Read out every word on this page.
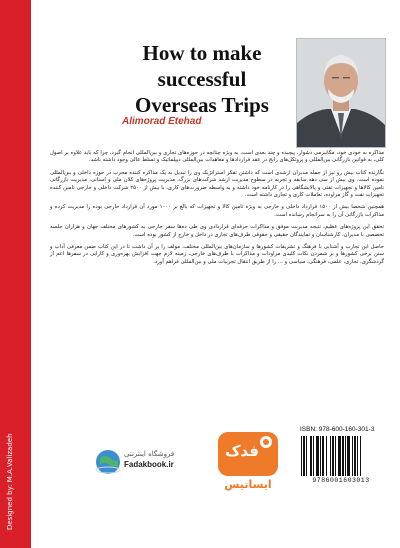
Designed by: M.A.Valizadeh
How to make
successful
Overseas Trips
Alimorad Etehad

مذاکره به خودی خود، مکانیزمی دشوار، پیچیده و چند بعدی است، به ویژه چنانچه در حوزه‌های تجاری و بین‌المللی انجام گیرد، چرا که باید علاوه بر اصول کلی، به قوانین بازرگانی بین‌المللی و پروتکل‌های رایج در عقد قراردادها و معاهدات بین‌المللی دیپلماتیک و تسلط عالی وجود داشته باشد.

نگارنده کتاب بیش رو نیز از جمله مدیران ارشدی است که داشتن تفکر استراتژیک وی را تبدیل به یک مذاکره کننده مجرب در حوزه داخلی و بین‌المللی نموده است. وی بیش از سی دهه سابقه و تجربه در سطوح مدیریت ارشد شرکت‌های بزرگ، مدیریت پروژه‌های کلان ملی و استانی، مدیریت بازرگانی تامین کالاها و تجهیزات نفتی و پالایشگاهی را در کارنامه خود داشته و به واسطه ضرورت‌های کاری، با بیش از ۲۵۰۰ شرکت داخلی و خارجی تامین کننده تجهیزات نفت و گاز مراوده، تعاملات کاری و تجاری داشته است.

همچنین شخصا بیش از ۱۵۰۰ قرارداد داخلی و خارجی به ویژه تامین کالا و تجهیزات که بالغ بر ۱۰۰۰ مورد آن قرارداد خارجی بوده را مدیریت کرده و مذاکرات بازرگانی آن را به سرانجام رسانده است.

تحقق این پروژه‌های عظیم، نتیجه مدیریت موفق و مذاکرات حرفه‌ای قراردادی وی طی ده‌ها سفر خارجی به کشورهای مختلف جهان و هزاران جلسه تخصصی با مدیران، کارشناسان و نمایندگان حقیقی و حقوقی طرف‌های تجاری در داخل و خارج از کشور بوده است.

حاصل این تجارب و آشنایی با فرهنگ و تشریفات کشورها و سازمان‌های بین‌المللی مختلف، مولف را بر آن داشت تا در این کتاب ضمن معرفی آداب و سنن برخی کشورها و بر شمردن نکات کلیدی مراودات و مذاکرات با طرف‌های خارجی، زمینه لازم جهت افزایش بهره‌وری و کارایی در سفرها اعم از گردشگری، تجاری، علمی، فرهنگی، سیاسی و ... را از طریق انتقال تجربیات ملی و بین‌المللی فراهم آورد.

فروشگاه اینترنتی
Fadakbook.ir
فدک
ایساتیس
ISBN: 978-600-160-301-3
9786001603013
